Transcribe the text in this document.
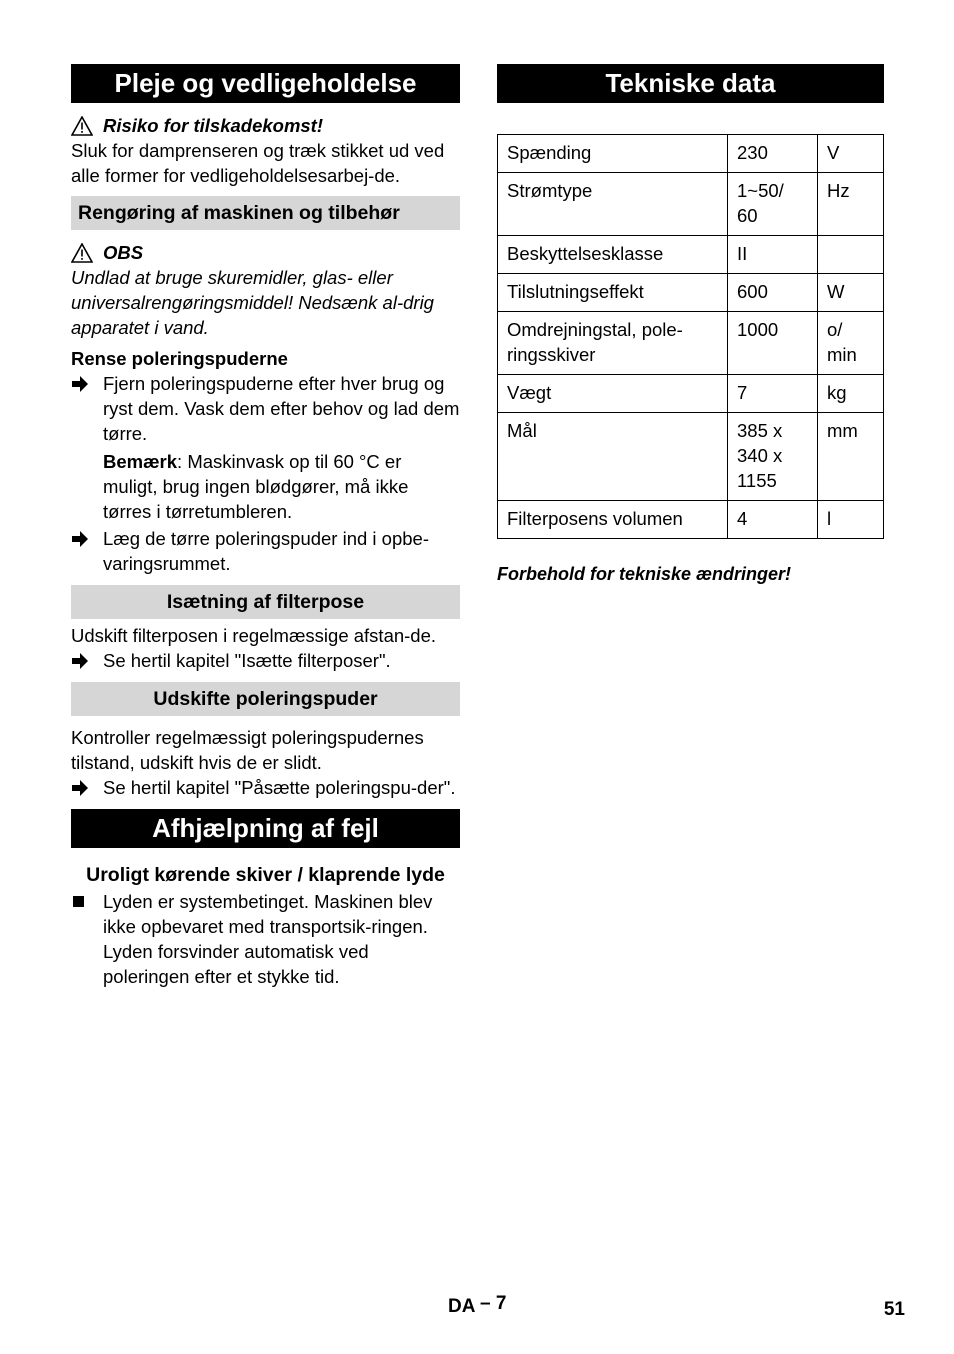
Pleje og vedligeholdelse
Risiko for tilskadekomst!

Sluk for damprenseren og træk stikket ud ved alle former for vedligeholdelsesarbej-de.

Rengøring af maskinen og tilbehør
OBS

Undlad at bruge skuremidler, glas- eller universalrengøringsmiddel! Nedsænk al-drig apparatet i vand.

Rense poleringspuderne

Fjern poleringspuderne efter hver brug og ryst dem. Vask dem efter behov og lad dem tørre.
Bemærk: Maskinvask op til 60 °C er muligt, brug ingen blødgører, må ikke tørres i tørretumbleren.
Læg de tørre poleringspuder ind i opbe-varingsrummet.
Isætning af filterpose

Udskift filterposen i regelmæssige afstan-de.

Se hertil kapitel "Isætte filterposer".
Udskifte poleringspuder

Kontroller regelmæssigt poleringspudernes tilstand, udskift hvis de er slidt.

Se hertil kapitel "Påsætte poleringspu-der".
Afhjælpning af fejl
Uroligt kørende skiver / klaprende lyde
Lyden er systembetinget. Maskinen blev ikke opbevaret med transportsik-ringen. Lyden forsvinder automatisk ved poleringen efter et stykke tid.
Tekniske data
Spænding	230	V
Strømtype	1~50/ 60	Hz
Beskyttelsesklasse	II	
Tilslutningseffekt	600	W
Omdrejningstal, pole-ringsskiver	1000	o/ min
Vægt	7	kg
Mål	385 x 340 x 1155	mm
Filterposens volumen	4	l

Forbehold for tekniske ændringer!

DA – 7	51
